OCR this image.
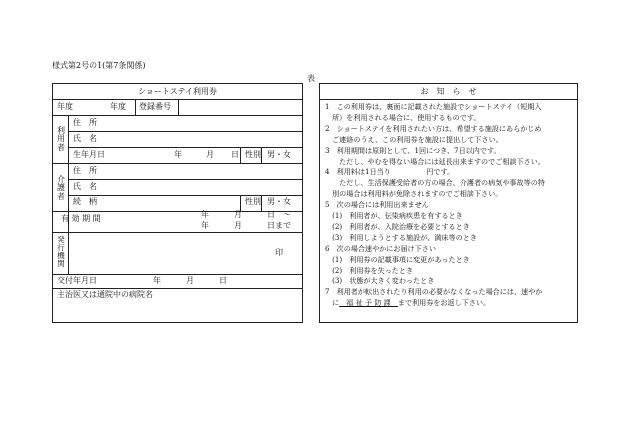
様式第2号の1(第7条関係)
表
ショートステイ利用券
年度	年度 登録番号
利
用
者
住　所
氏　名
生年月日	年	月 日 性別 男・女
介
護
者
住　所
氏　名
続　柄	性別 男・女
有 効 期 間	年	月	日　〜
年	月	日まで
発
行
機
関
印
交付年月日	年	月	日
主治医又は通院中の病院名
お　知　ら　せ
1　この利用券は、裏面に記載された施設でショートステイ（短期入
　所）を利用される場合に、使用するものです。
2　ショートステイを利用されたい方は、希望する施設にあらかじめ
　ご連絡のうえ、この利用券を施設に提出して下さい。
3　利用期間は原則として、1回につき、7日以内です。
　　ただし、やむを得ない場合には延長出来ますのでご相談下さい。
4　利用料は1日当り　　　　　円です。
　　ただし、生活保護受給者の方の場合、介護者の病気や事故等の特
　別の場合は利用料が免除されますのでご相談下さい。
5　次の場合には利用出来ません
　(1)　利用者が、伝染病疾患を有するとき
　(2)　利用者が、入院治療を必要とするとき
　(3)　利用しようとする施設が、満床等のとき
6　次の場合速やかにお届け下さい
　(1)　利用券の記載事項に変更があったとき
　(2)　利用券を失ったとき
　(3)　状態が大きく変わったとき
7　利用者が転出されたり利用の必要がなくなった場合には、速やか
　に　福 祉 予 防 課　まで利用券をお返し下さい。
